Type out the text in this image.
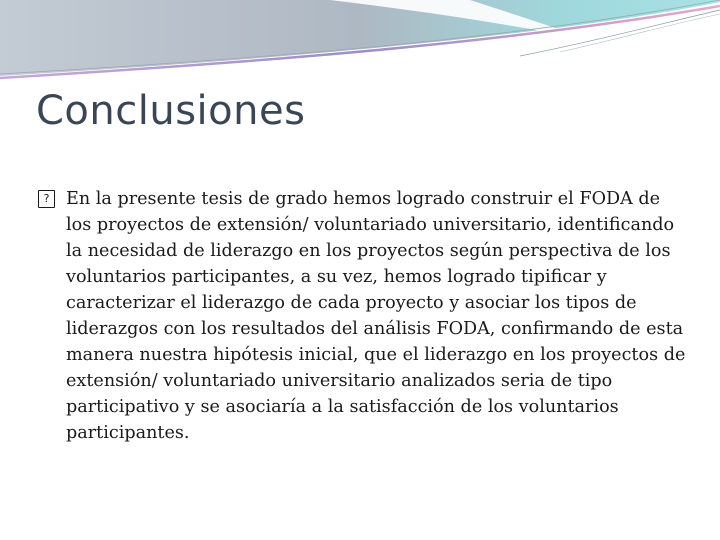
Conclusiones
? En la presente tesis de grado hemos logrado construir el FODA de los proyectos de extensión/ voluntariado universitario, identificando la necesidad de liderazgo en los proyectos según perspectiva de los voluntarios participantes, a su vez, hemos logrado tipificar y caracterizar el liderazgo de cada proyecto y asociar los tipos de liderazgos con los resultados del análisis FODA, confirmando de esta manera nuestra hipótesis inicial, que el liderazgo en los proyectos de extensión/ voluntariado universitario analizados seria de tipo participativo y se asociaría a la satisfacción de los voluntarios participantes.
